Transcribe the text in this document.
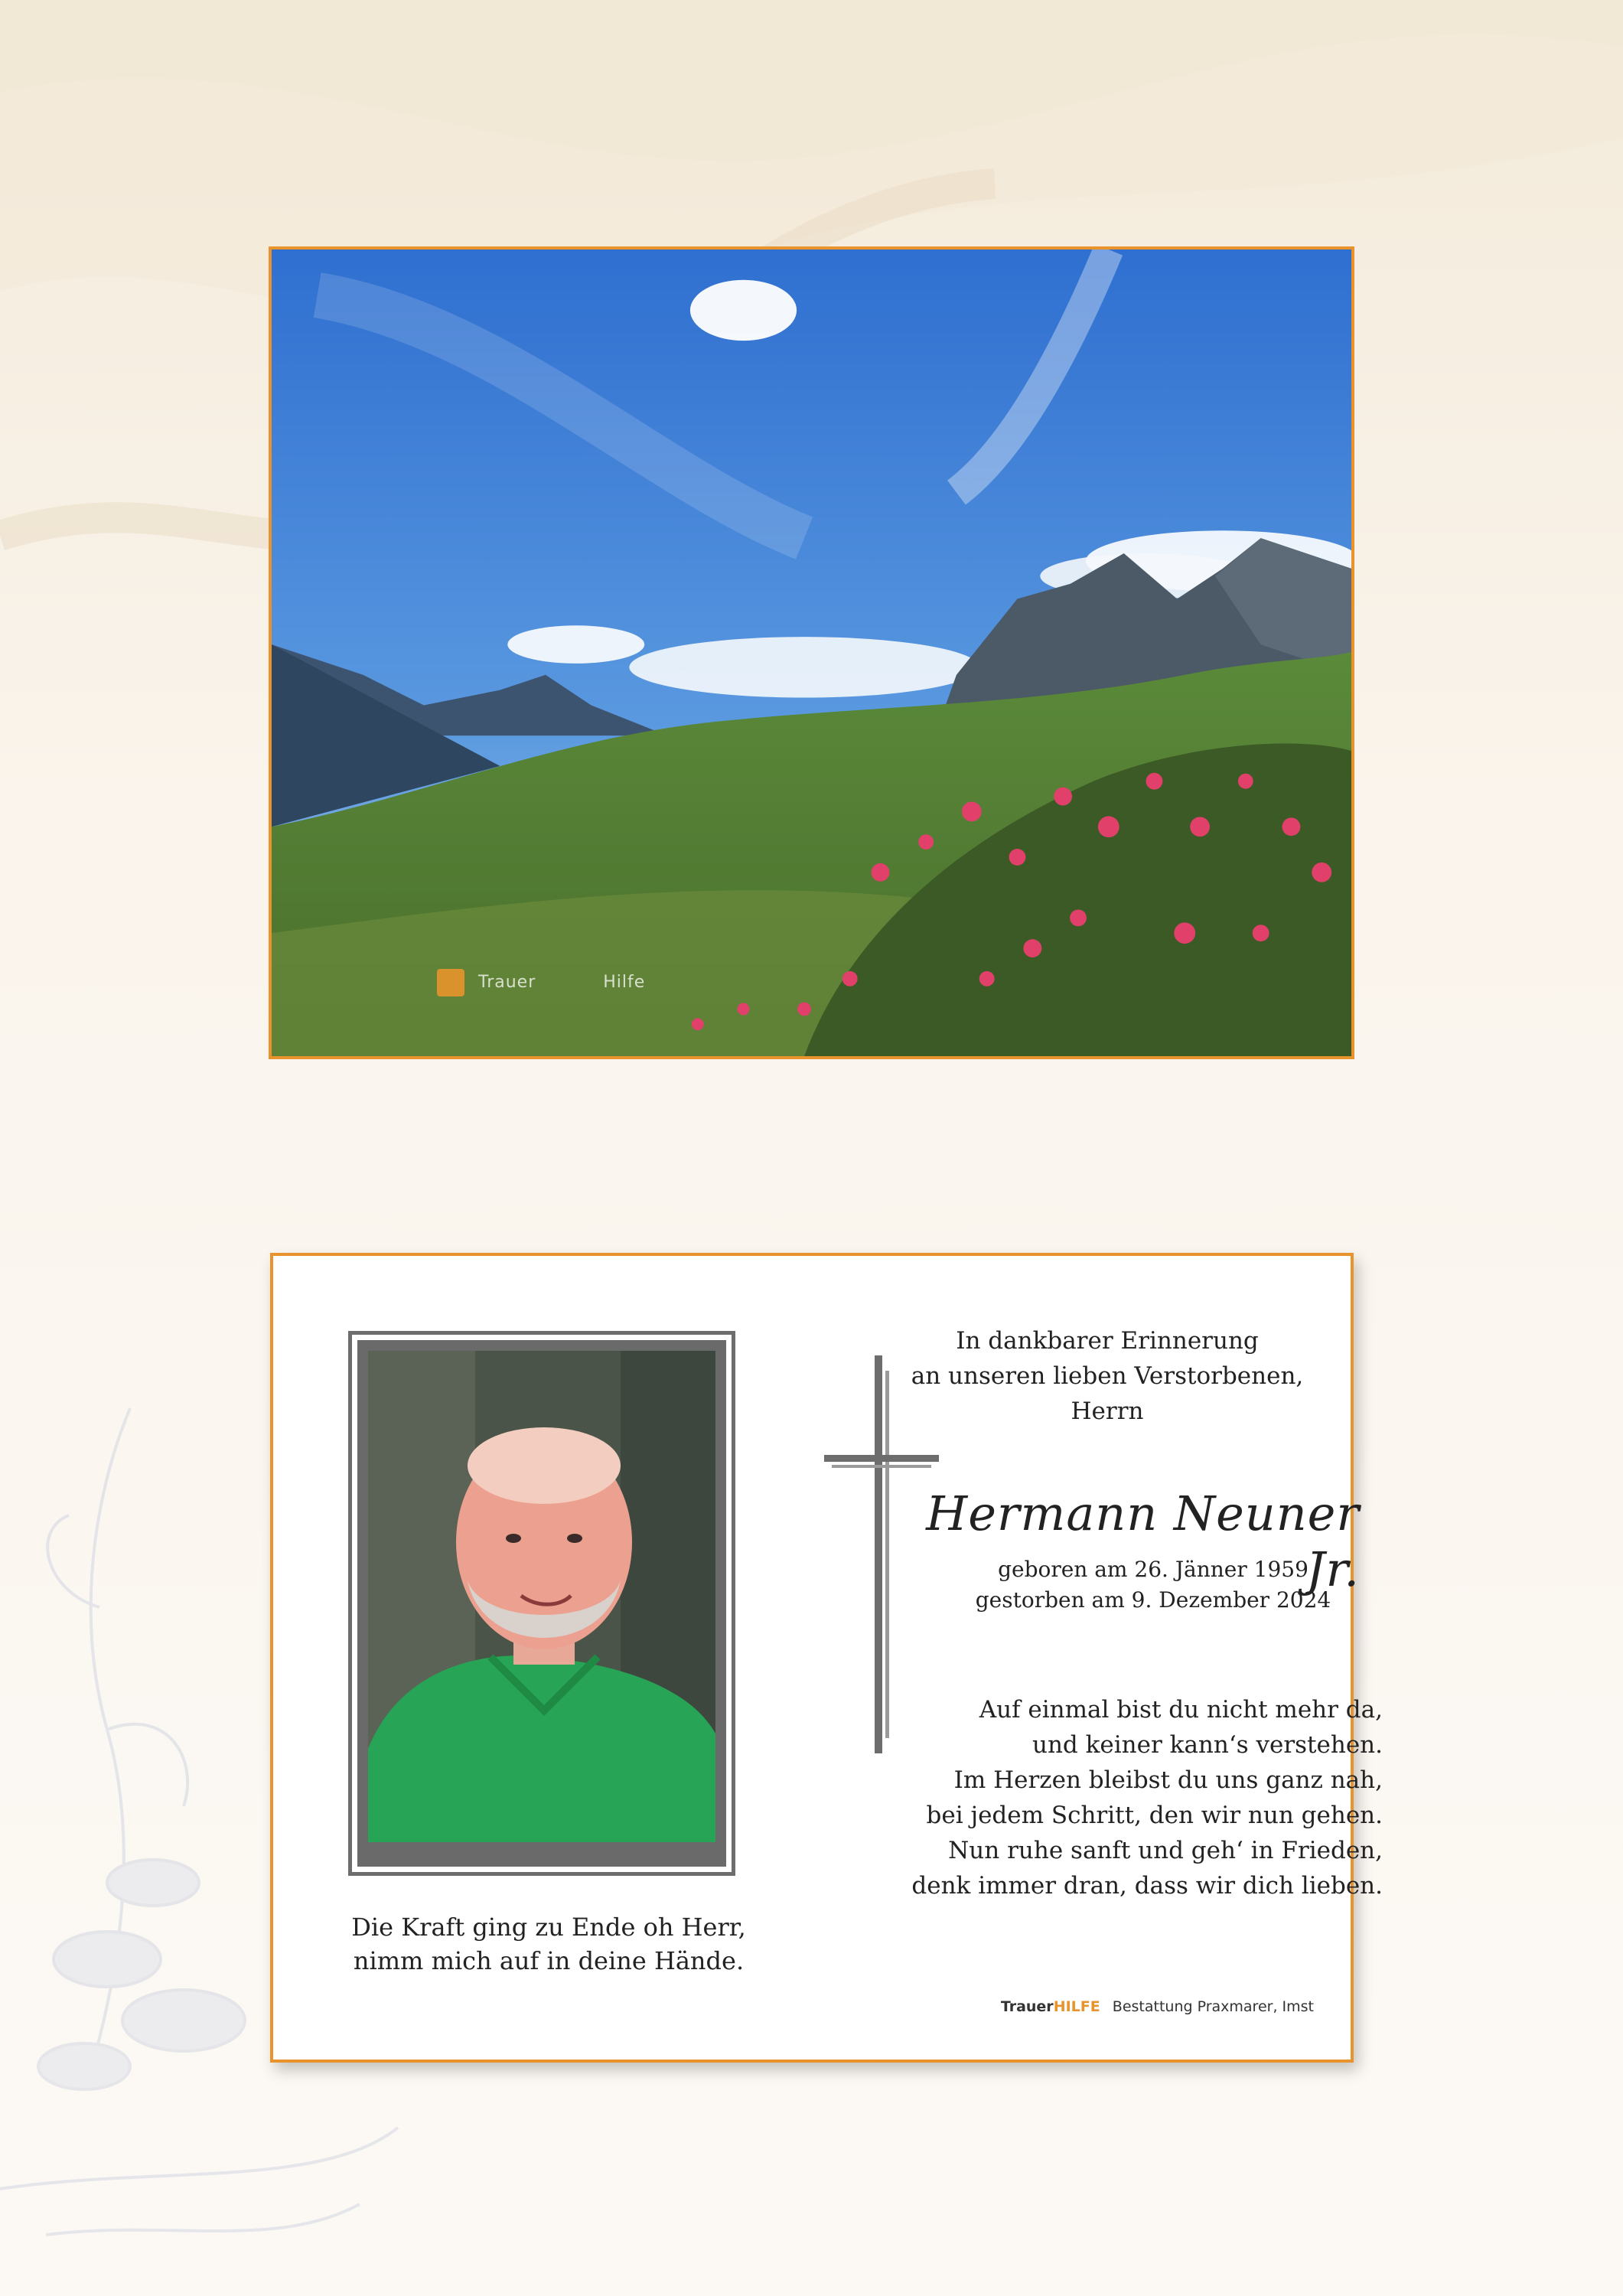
Trauer	Hilfe
Die Kraft ging zu Ende oh Herr,
nimm mich auf in deine Hände.
In dankbarer Erinnerung
an unseren lieben Verstorbenen,
Herrn
Hermann Neuner Jr.
geboren am 26. Jänner 1959
gestorben am 9. Dezember 2024
Auf einmal bist du nicht mehr da,
und keiner kann‘s verstehen.
Im Herzen bleibst du uns ganz nah,
bei jedem Schritt, den wir nun gehen.
Nun ruhe sanft und geh‘ in Frieden,
denk immer dran, dass wir dich lieben.
TrauerHILFE Bestattung Praxmarer, Imst
